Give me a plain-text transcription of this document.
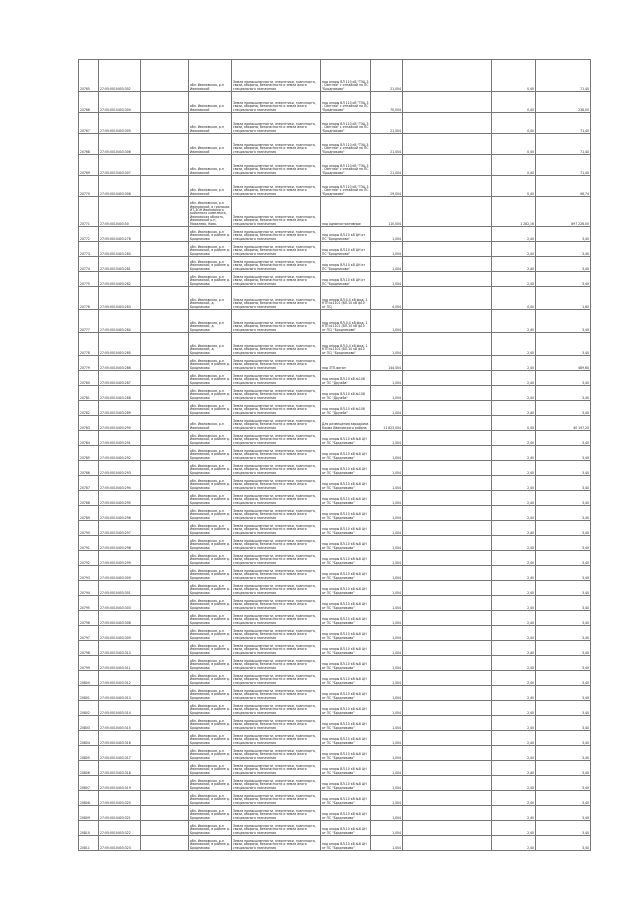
20765	27:05:0010403:302		обл. Ивановская, р-н Ивановский	Земли промышленности, энергетики, транспорта, связи, обороны, безопасности и земли иного специального назначения	под опоры ВЛ 110 кВ "ТЭЦ-3 - Светлая" с отпайкой на ПС "Бродниково"	21,004		0,40	71,40
20766	27:05:0010403:304		обл. Ивановская, р-н Ивановский	Земли промышленности, энергетики, транспорта, связи, обороны, безопасности и земли иного специального назначения	под опоры ВЛ 110 кВ "ТЭЦ-3 - Светлая" с отпайкой на ПС "Бродниково"	70,004		0,40	238,00
20767	27:05:0010403:305		обл. Ивановская, р-н Ивановский	Земли промышленности, энергетики, транспорта, связи, обороны, безопасности и земли иного специального назначения	под опоры ВЛ 110 кВ "ТЭЦ-3 - Светлая" с отпайкой на ПС "Бродниково"	21,004		0,40	71,40
20768	27:05:0010403:306		обл. Ивановская, р-н Ивановский	Земли промышленности, энергетики, транспорта, связи, обороны, безопасности и земли иного специального назначения	под опоры ВЛ 110 кВ "ТЭЦ-3 - Светлая" с отпайкой на ПС "Бродниково"	21,004		0,40	71,40
20769	27:05:0010403:307		обл. Ивановская, р-н Ивановский	Земли промышленности, энергетики, транспорта, связи, обороны, безопасности и земли иного специального назначения	под опоры ВЛ 110 кВ "ТЭЦ-3 - Светлая" с отпайкой на ПС "Бродниково"	21,004		0,40	71,40
20770	27:05:0010403:308		обл. Ивановская, р-н Ивановский	Земли промышленности, энергетики, транспорта, связи, обороны, безопасности и земли иного специального назначения	под опоры ВЛ 110 кВ "ТЭЦ-3 - Светлая" с отпайкой на ПС "Бродниково"	29,004		0,40	98,74
20771	27:05:0010403:50		обл. Ивановская, р-н Ивановский, в границах ИТ-ЗОН Ивановского районного комплекса, Ивановская область, Ивановский р-н, Михалево, Ново-	Земли промышленности, энергетики, транспорта, связи, обороны, безопасности и земли иного специального назначения	под административные	110,004		1 282,16	897 226,00
20772	27:05:0010403:278		обл. Ивановская, р-н Ивановский, в районе д. Бродниково	Земли промышленности, энергетики, транспорта, связи, обороны, безопасности и земли иного специального назначения	под опоры ВЛ-10 кВ ЦН от ПС "Бродниково"	1,004		2,40	3,40
20773	27:05:0010403:280		обл. Ивановская, р-н Ивановский, в районе д. Бродниково	Земли промышленности, энергетики, транспорта, связи, обороны, безопасности и земли иного специального назначения	под опоры ВЛ-10 кВ ЦН от ПС "Бродниково"	1,004		2,40	3,40
20774	27:05:0010403:281		обл. Ивановская, р-н Ивановский, в районе д. Бродниково	Земли промышленности, энергетики, транспорта, связи, обороны, безопасности и земли иного специального назначения	под опоры ВЛ-10 кВ ЦН от ПС "Бродниково"	1,004		2,40	3,40
20775	27:05:0010403:282		обл. Ивановская, р-н Ивановский, в районе д. Бродниково	Земли промышленности, энергетики, транспорта, связи, обороны, безопасности и земли иного специального назначения	под опоры ВЛ-10 кВ ЦН от ПС "Бродниково"	1,004		2,40	3,40
20776	27:05:0010403:283		обл. Ивановская, р-н Ивановский, д. Бродниково	Земли промышленности, энергетики, транспорта, связи, обороны, безопасности и земли иного специального назначения	под опоры ВЛ-0,4 кВ фид. 1 КТП №1101 (ВЛ-10 кВ ф10 от ПС)	4,004		0,40	1,60
20777	27:05:0010403:284		обл. Ивановская, р-н Ивановский, д. Бродниково	Земли промышленности, энергетики, транспорта, связи, обороны, безопасности и земли иного специального назначения	под опоры ВЛ-0,4 кВ фид. 1 КТП №1101 (ВЛ-10 кВ ф10 от ПС) "Бродниково"	1,004		2,40	3,40
20778	27:05:0010403:285		обл. Ивановская, р-н Ивановский, д. Бродниково	Земли промышленности, энергетики, транспорта, связи, обороны, безопасности и земли иного специального назначения	под опоры ВЛ-0,4 кВ фид. 1 КТП №1101 (ВЛ-10 кВ ф10 от ПС) "Бродниково"	1,004		2,40	3,40
20779	27:05:0010403:286		обл. Ивановская, р-н Ивановский, в районе д. Бродниково	Земли промышленности, энергетики, транспорта, связи, обороны, безопасности и земли иного специального назначения	под ЗТП-вагон	144,004		2,40	489,60
20780	27:05:0010403:287		обл. Ивановская, р-н Ивановский, в районе д. Бродниково	Земли промышленности, энергетики, транспорта, связи, обороны, безопасности и земли иного специального назначения	под опоры ВЛ-10 кВ №108 от ПС "Дружба"	1,004		2,40	3,40
20781	27:05:0010403:288		обл. Ивановская, р-н Ивановский, в районе д. Бродниково	Земли промышленности, энергетики, транспорта, связи, обороны, безопасности и земли иного специального назначения	под опоры ВЛ-10 кВ №108 от ПС "Дружба"	1,004		2,40	3,40
20782	27:05:0010403:289		обл. Ивановская, р-н Ивановский, в районе д. Бродниково	Земли промышленности, энергетики, транспорта, связи, обороны, безопасности и земли иного специального назначения	под опоры ВЛ-10 кВ №108 от ПС "Дружба"	1,004		2,40	3,40
20783	27:05:0010403:290		обл. Ивановская, р-н Ивановский	Земли промышленности, энергетики, транспорта, связи, обороны, безопасности и земли иного специального назначения	Для размещения аэродрома Кохма Ивановского района	11 823,004		0,40	40 197,20
20784	27:05:0010403:291		обл. Ивановская, р-н Ивановский, в районе д. Бродниково	Земли промышленности, энергетики, транспорта, связи, обороны, безопасности и земли иного специального назначения	под опоры ВЛ-10 кВ №8 ЦН от ПС "Бродниково"	1,004		2,40	3,40
20785	27:05:0010403:292		обл. Ивановская, р-н Ивановский, в районе д. Бродниково	Земли промышленности, энергетики, транспорта, связи, обороны, безопасности и земли иного специального назначения	под опоры ВЛ-10 кВ №8 ЦН от ПС "Бродниково"	1,004		2,40	3,40
20786	27:05:0010403:293		обл. Ивановская, р-н Ивановский, в районе д. Бродниково	Земли промышленности, энергетики, транспорта, связи, обороны, безопасности и земли иного специального назначения	под опоры ВЛ-10 кВ №8 ЦН от ПС "Бродниково"	1,004		2,40	3,40
20787	27:05:0010403:294		обл. Ивановская, р-н Ивановский, в районе д. Бродниково	Земли промышленности, энергетики, транспорта, связи, обороны, безопасности и земли иного специального назначения	под опоры ВЛ-10 кВ №8 ЦН от ПС "Бродниково"	1,004		2,40	3,40
20788	27:05:0010403:295		обл. Ивановская, р-н Ивановский, в районе д. Бродниково	Земли промышленности, энергетики, транспорта, связи, обороны, безопасности и земли иного специального назначения	под опоры ВЛ-10 кВ №8 ЦН от ПС "Бродниково"	1,004		2,40	3,40
20789	27:05:0010403:296		обл. Ивановская, р-н Ивановский, в районе д. Бродниково	Земли промышленности, энергетики, транспорта, связи, обороны, безопасности и земли иного специального назначения	под опоры ВЛ-10 кВ №8 ЦН от ПС "Бродниково"	1,004		2,40	3,40
20790	27:05:0010403:297		обл. Ивановская, р-н Ивановский, в районе д. Бродниково	Земли промышленности, энергетики, транспорта, связи, обороны, безопасности и земли иного специального назначения	под опоры ВЛ-10 кВ №8 ЦН от ПС "Бродниково"	1,004		2,40	3,40
20791	27:05:0010403:298		обл. Ивановская, р-н Ивановский, в районе д. Бродниково	Земли промышленности, энергетики, транспорта, связи, обороны, безопасности и земли иного специального назначения	под опоры ВЛ-10 кВ №8 ЦН от ПС "Бродниково"	1,004		2,40	3,40
20792	27:05:0010403:299		обл. Ивановская, р-н Ивановский, в районе д. Бродниково	Земли промышленности, энергетики, транспорта, связи, обороны, безопасности и земли иного специального назначения	под опоры ВЛ-10 кВ №8 ЦН от ПС "Бродниково"	1,004		2,40	3,40
20793	27:05:0010403:300		обл. Ивановская, р-н Ивановский, в районе д. Бродниково	Земли промышленности, энергетики, транспорта, связи, обороны, безопасности и земли иного специального назначения	под опоры ВЛ-10 кВ №8 ЦН от ПС "Бродниково"	1,004		2,40	3,40
20794	27:05:0010403:301		обл. Ивановская, р-н Ивановский, в районе д. Бродниково	Земли промышленности, энергетики, транспорта, связи, обороны, безопасности и земли иного специального назначения	под опоры ВЛ-10 кВ №8 ЦН от ПС "Бродниково"	1,004		2,40	3,40
20795	27:05:0010403:303		обл. Ивановская, р-н Ивановский, в районе д. Бродниково	Земли промышленности, энергетики, транспорта, связи, обороны, безопасности и земли иного специального назначения	под опоры ВЛ-10 кВ №8 ЦН от ПС "Бродниково"	1,004		2,40	3,40
20796	27:05:0010403:308		обл. Ивановская, р-н Ивановский, в районе д. Бродниково	Земли промышленности, энергетики, транспорта, связи, обороны, безопасности и земли иного специального назначения	под опоры ВЛ-10 кВ №8 ЦН от ПС "Бродниково"	1,004		2,40	3,40
20797	27:05:0010403:309		обл. Ивановская, р-н Ивановский, в районе д. Бродниково	Земли промышленности, энергетики, транспорта, связи, обороны, безопасности и земли иного специального назначения	под опоры ВЛ-10 кВ №8 ЦН от ПС "Бродниково"	1,004		2,40	3,40
20798	27:05:0010403:310		обл. Ивановская, р-н Ивановский, в районе д. Бродниково	Земли промышленности, энергетики, транспорта, связи, обороны, безопасности и земли иного специального назначения	под опоры ВЛ-10 кВ №8 ЦН от ПС "Бродниково"	1,004		2,40	3,40
20799	27:05:0010403:311		обл. Ивановская, р-н Ивановский, в районе д. Бродниково	Земли промышленности, энергетики, транспорта, связи, обороны, безопасности и земли иного специального назначения	под опоры ВЛ-10 кВ №8 ЦН от ПС "Бродниково"	1,004		2,40	3,40
20800	27:05:0010403:312		обл. Ивановская, р-н Ивановский, в районе д. Бродниково	Земли промышленности, энергетики, транспорта, связи, обороны, безопасности и земли иного специального назначения	под опоры ВЛ-10 кВ №8 ЦН от ПС "Бродниково"	1,004		2,40	3,40
20801	27:05:0010403:313		обл. Ивановская, р-н Ивановский, в районе д. Бродниково	Земли промышленности, энергетики, транспорта, связи, обороны, безопасности и земли иного специального назначения	под опоры ВЛ-10 кВ №8 ЦН от ПС "Бродниково"	1,004		2,40	3,40
20802	27:05:0010403:314		обл. Ивановская, р-н Ивановский, в районе д. Бродниково	Земли промышленности, энергетики, транспорта, связи, обороны, безопасности и земли иного специального назначения	под опоры ВЛ-10 кВ №8 ЦН от ПС "Бродниково"	1,004		2,40	3,40
20803	27:05:0010403:315		обл. Ивановская, р-н Ивановский, в районе д. Бродниково	Земли промышленности, энергетики, транспорта, связи, обороны, безопасности и земли иного специального назначения	под опоры ВЛ-10 кВ №8 ЦН от ПС "Бродниково"	1,004		2,40	3,40
20804	27:05:0010403:316		обл. Ивановская, р-н Ивановский, в районе д. Бродниково	Земли промышленности, энергетики, транспорта, связи, обороны, безопасности и земли иного специального назначения	под опоры ВЛ-10 кВ №8 ЦН от ПС "Бродниково"	1,004		2,40	3,40
20805	27:05:0010403:317		обл. Ивановская, р-н Ивановский, в районе д. Бродниково	Земли промышленности, энергетики, транспорта, связи, обороны, безопасности и земли иного специального назначения	под опоры ВЛ-10 кВ №8 ЦН от ПС "Бродниково"	1,004		2,40	3,40
20806	27:05:0010403:318		обл. Ивановская, р-н Ивановский, в районе д. Бродниково	Земли промышленности, энергетики, транспорта, связи, обороны, безопасности и земли иного специального назначения	под опоры ВЛ-10 кВ №8 ЦН от ПС "Бродниково"	1,004		2,40	3,40
20807	27:05:0010403:319		обл. Ивановская, р-н Ивановский, в районе д. Бродниково	Земли промышленности, энергетики, транспорта, связи, обороны, безопасности и земли иного специального назначения	под опоры ВЛ-10 кВ №8 ЦН от ПС "Бродниково"	1,004		2,40	3,40
20808	27:05:0010403:320		обл. Ивановская, р-н Ивановский, в районе д. Бродниково	Земли промышленности, энергетики, транспорта, связи, обороны, безопасности и земли иного специального назначения	под опоры ВЛ-10 кВ №8 ЦН от ПС "Бродниково"	1,004		2,40	3,40
20809	27:05:0010403:321		обл. Ивановская, р-н Ивановский, в районе д. Бродниково	Земли промышленности, энергетики, транспорта, связи, обороны, безопасности и земли иного специального назначения	под опоры ВЛ-10 кВ №8 ЦН от ПС "Бродниково"	1,004		2,40	3,40
20810	27:05:0010403:322		обл. Ивановская, р-н Ивановский, в районе д. Бродниково	Земли промышленности, энергетики, транспорта, связи, обороны, безопасности и земли иного специального назначения	под опоры ВЛ-10 кВ №8 ЦН от ПС "Бродниково"	1,004		2,40	3,40
20811	27:05:0010403:323		обл. Ивановская, р-н Ивановский, в районе д. Бродниково	Земли промышленности, энергетики, транспорта, связи, обороны, безопасности и земли иного специального назначения	под опоры ВЛ-10 кВ №8 ЦН от ПС "Бродниково"	1,004		2,40	3,40
